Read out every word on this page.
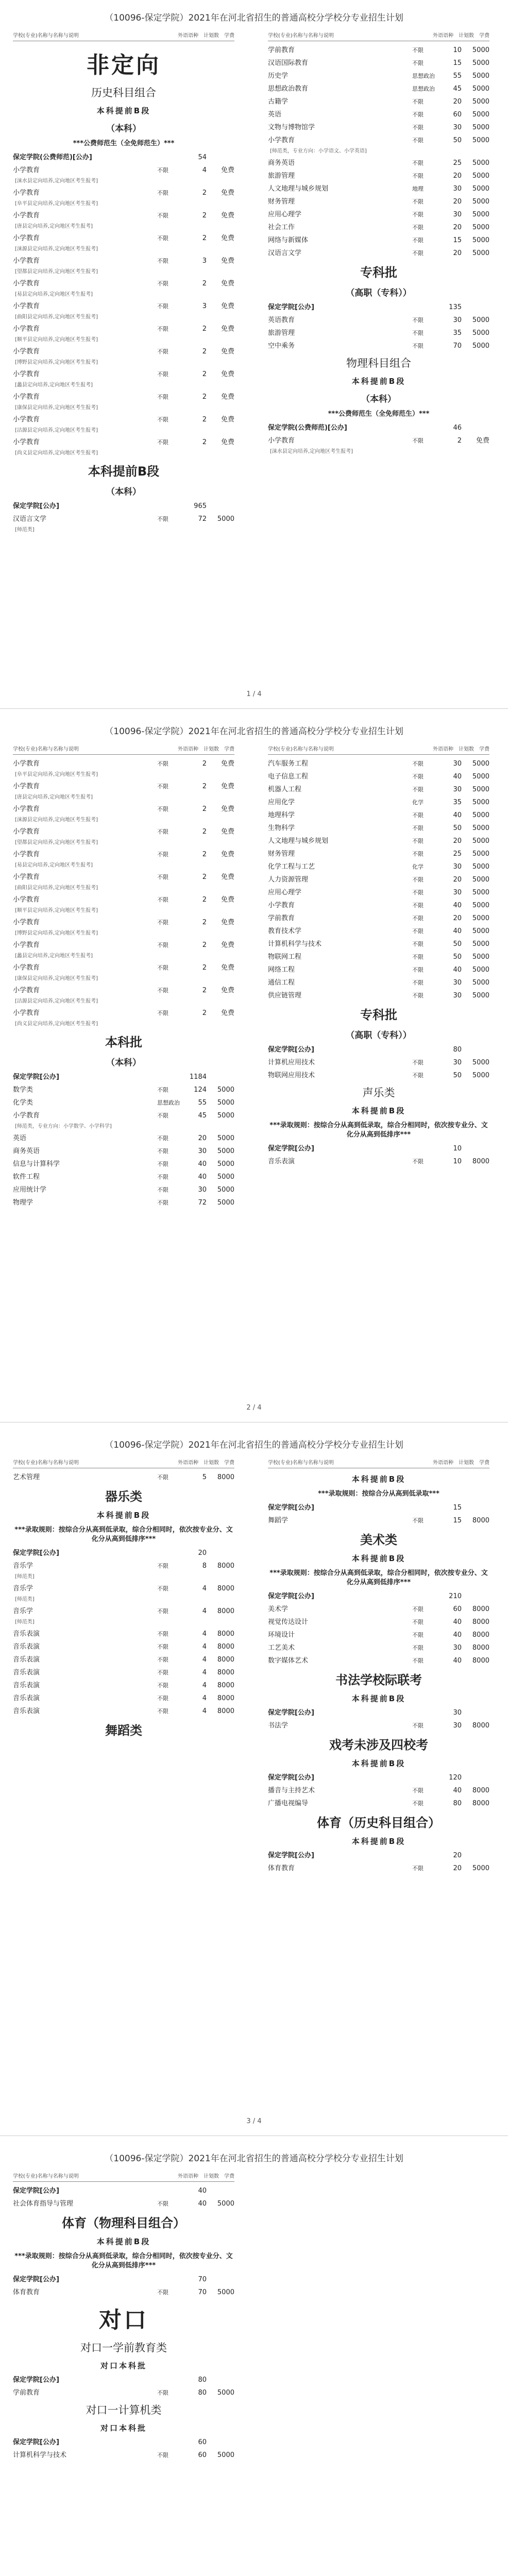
（10096-保定学院）2021年在河北省招生的普通高校分学校分专业招生计划
学校(专业)名称与名称与说明	外语语种 计划数 学费
非定向
历史科目组合
本科提前B段
（本科）
***公费师范生（全免师范生）***
保定学院(公费师范)[公办]	54
小学教育	不限	4	免费
[涞水县定向培养,定向地区考生报考]
小学教育	不限	2	免费
[阜平县定向培养,定向地区考生报考]
小学教育	不限	2	免费
[唐县定向培养,定向地区考生报考]
小学教育	不限	2	免费
[涞源县定向培养,定向地区考生报考]
小学教育	不限	3	免费
[望都县定向培养,定向地区考生报考]
小学教育	不限	2	免费
[易县定向培养,定向地区考生报考]
小学教育	不限	3	免费
[曲阳县定向培养,定向地区考生报考]
小学教育	不限	2	免费
[顺平县定向培养,定向地区考生报考]
小学教育	不限	2	免费
[博野县定向培养,定向地区考生报考]
小学教育	不限	2	免费
[蠡县定向培养,定向地区考生报考]
小学教育	不限	2	免费
[康保县定向培养,定向地区考生报考]
小学教育	不限	2	免费
[沽源县定向培养,定向地区考生报考]
小学教育	不限	2	免费
[尚义县定向培养,定向地区考生报考]
本科提前B段
（本科）
保定学院[公办]	965
汉语言文学	不限	72	5000
[师范类]
学校(专业)名称与名称与说明	外语语种 计划数 学费
学前教育	不限	10	5000
汉语国际教育	不限	15	5000
历史学	思想政治	55	5000
思想政治教育	思想政治	45	5000
古籍学	不限	20	5000
英语	不限	60	5000
文物与博物馆学	不限	30	5000
小学教育	不限	50	5000
[师范类，专业方向：小学语文、小学英语]
商务英语	不限	25	5000
旅游管理	不限	20	5000
人文地理与城乡规划	地理	30	5000
财务管理	不限	20	5000
应用心理学	不限	30	5000
社会工作	不限	20	5000
网络与新媒体	不限	15	5000
汉语言文学	不限	20	5000
专科批
（高职（专科））
保定学院[公办]	135
英语教育	不限	30	5000
旅游管理	不限	35	5000
空中乘务	不限	70	5000
物理科目组合
本科提前B段
（本科）
***公费师范生（全免师范生）***
保定学院(公费师范)[公办]	46
小学教育	不限	2	免费
[涞水县定向培养,定向地区考生报考]
1 / 4
（10096-保定学院）2021年在河北省招生的普通高校分学校分专业招生计划
学校(专业)名称与名称与说明	外语语种 计划数 学费
小学教育	不限	2	免费
[阜平县定向培养,定向地区考生报考]
小学教育	不限	2	免费
[唐县定向培养,定向地区考生报考]
小学教育	不限	2	免费
[涞源县定向培养,定向地区考生报考]
小学教育	不限	2	免费
[望都县定向培养,定向地区考生报考]
小学教育	不限	2	免费
[易县定向培养,定向地区考生报考]
小学教育	不限	2	免费
[曲阳县定向培养,定向地区考生报考]
小学教育	不限	2	免费
[顺平县定向培养,定向地区考生报考]
小学教育	不限	2	免费
[博野县定向培养,定向地区考生报考]
小学教育	不限	2	免费
[蠡县定向培养,定向地区考生报考]
小学教育	不限	2	免费
[康保县定向培养,定向地区考生报考]
小学教育	不限	2	免费
[沽源县定向培养,定向地区考生报考]
小学教育	不限	2	免费
[尚义县定向培养,定向地区考生报考]
本科批
（本科）
保定学院[公办]	1184
数学类	不限	124	5000
化学类	思想政治	55	5000
小学教育	不限	45	5000
[师范类，专业方向：小学数学、小学科学]
英语	不限	20	5000
商务英语	不限	30	5000
信息与计算科学	不限	40	5000
软件工程	不限	40	5000
应用统计学	不限	30	5000
物理学	不限	72	5000
学校(专业)名称与名称与说明	外语语种 计划数 学费
汽车服务工程	不限	30	5000
电子信息工程	不限	40	5000
机器人工程	不限	30	5000
应用化学	化学	35	5000
地理科学	不限	40	5000
生物科学	不限	50	5000
人文地理与城乡规划	不限	20	5000
财务管理	不限	25	5000
化学工程与工艺	化学	30	5000
人力资源管理	不限	20	5000
应用心理学	不限	30	5000
小学教育	不限	40	5000
学前教育	不限	20	5000
教育技术学	不限	40	5000
计算机科学与技术	不限	50	5000
物联网工程	不限	50	5000
网络工程	不限	40	5000
通信工程	不限	30	5000
供应链管理	不限	30	5000
专科批
（高职（专科））
保定学院[公办]	80
计算机应用技术	不限	30	5000
物联网应用技术	不限	50	5000
声乐类
本科提前B段
***录取规则：按综合分从高到低录取，综合分相同时，依次按专业分、文化分从高到低排序***
保定学院[公办]	10
音乐表演	不限	10	8000
2 / 4
（10096-保定学院）2021年在河北省招生的普通高校分学校分专业招生计划
学校(专业)名称与名称与说明	外语语种 计划数 学费
艺术管理	不限	5	8000
器乐类
本科提前B段
***录取规则：按综合分从高到低录取，综合分相同时，依次按专业分、文化分从高到低排序***
保定学院[公办]	20
音乐学	不限	8	8000
[师范类]
音乐学	不限	4	8000
[师范类]
音乐学	不限	4	8000
[师范类]
音乐表演	不限	4	8000
音乐表演	不限	4	8000
音乐表演	不限	4	8000
音乐表演	不限	4	8000
音乐表演	不限	4	8000
音乐表演	不限	4	8000
音乐表演	不限	4	8000
舞蹈类
学校(专业)名称与名称与说明	外语语种 计划数 学费
本科提前B段
***录取规则：按综合分从高到低录取***
保定学院[公办]	15
舞蹈学	不限	15	8000
美术类
本科提前B段
***录取规则：按综合分从高到低录取，综合分相同时，依次按专业分、文化分从高到低排序***
保定学院[公办]	210
美术学	不限	60	8000
视觉传达设计	不限	40	8000
环境设计	不限	40	8000
工艺美术	不限	30	8000
数字媒体艺术	不限	40	8000
书法学校际联考
本科提前B段
保定学院[公办]	30
书法学	不限	30	8000
戏考未涉及四校考
本科提前B段
保定学院[公办]	120
播音与主持艺术	不限	40	8000
广播电视编导	不限	80	8000
体育（历史科目组合）
本科提前B段
保定学院[公办]	20
体育教育	不限	20	5000
3 / 4
（10096-保定学院）2021年在河北省招生的普通高校分学校分专业招生计划
学校(专业)名称与名称与说明	外语语种 计划数 学费
保定学院[公办]	40
社会体育指导与管理	不限	40	5000
体育（物理科目组合）
本科提前B段
***录取规则：按综合分从高到低录取，综合分相同时，依次按专业分、文化分从高到低排序***
保定学院[公办]	70
体育教育	不限	70	5000
对口
对口一学前教育类
对口本科批
保定学院[公办]	80
学前教育	不限	80	5000
对口一计算机类
对口本科批
保定学院[公办]	60
计算机科学与技术	不限	60	5000
